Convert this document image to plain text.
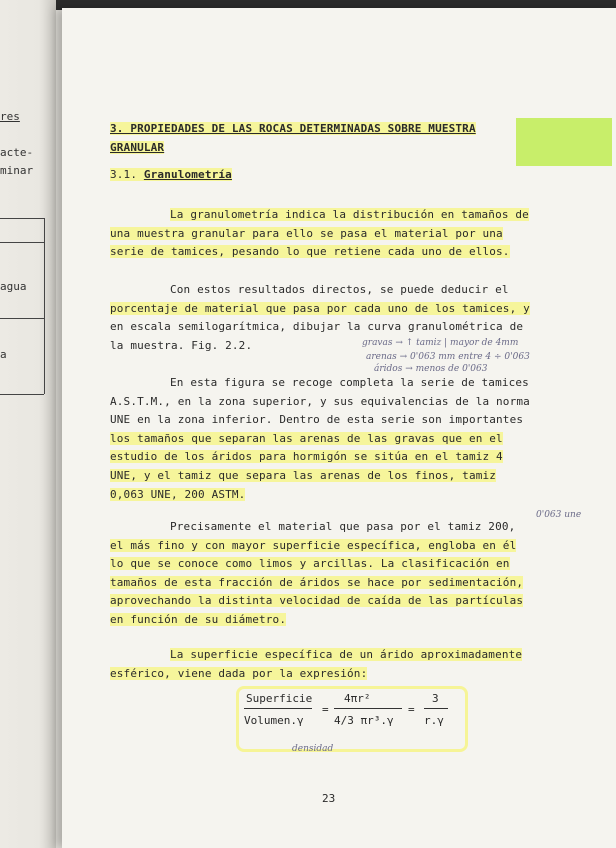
res
acte-
minar
agua
a
3. PROPIEDADES DE LAS ROCAS DETERMINADAS SOBRE MUESTRA
GRANULAR
3.1. Granulometría
La granulometría indica la distribución en tamaños de
una muestra granular para ello se pasa el material por una
serie de tamices, pesando lo que retiene cada uno de ellos.
Con estos resultados directos, se puede deducir el
porcentaje de material que pasa por cada uno de los tamices, y
en escala semilogarítmica, dibujar la curva granulométrica de
la muestra. Fig. 2.2.	gravas → ↑ tamiz | mayor de 4mm
arenas → 0'063 mm entre 4 ÷ 0'063
áridos → menos de 0'063
En esta figura se recoge completa la serie de tamices
A.S.T.M., en la zona superior, y sus equivalencias de la norma
UNE en la zona inferior. Dentro de esta serie son importantes
los tamaños que separan las arenas de las gravas que en el
estudio de los áridos para hormigón se sitúa en el tamiz 4
UNE, y el tamiz que separa las arenas de los finos, tamiz
0,063 UNE, 200 ASTM.
0'063 une
Precisamente el material que pasa por el tamiz 200,
el más fino y con mayor superficie específica, engloba en él
lo que se conoce como limos y arcillas. La clasificación en
tamaños de esta fracción de áridos se hace por sedimentación,
aprovechando la distinta velocidad de caída de las partículas
en función de su diámetro.
La superficie específica de un árido aproximadamente
esférico, viene dada por la expresión:
Superficie
Volumen.γ
=
4πr²
4/3 πr³.γ
=
3
r.γ
densidad
23
